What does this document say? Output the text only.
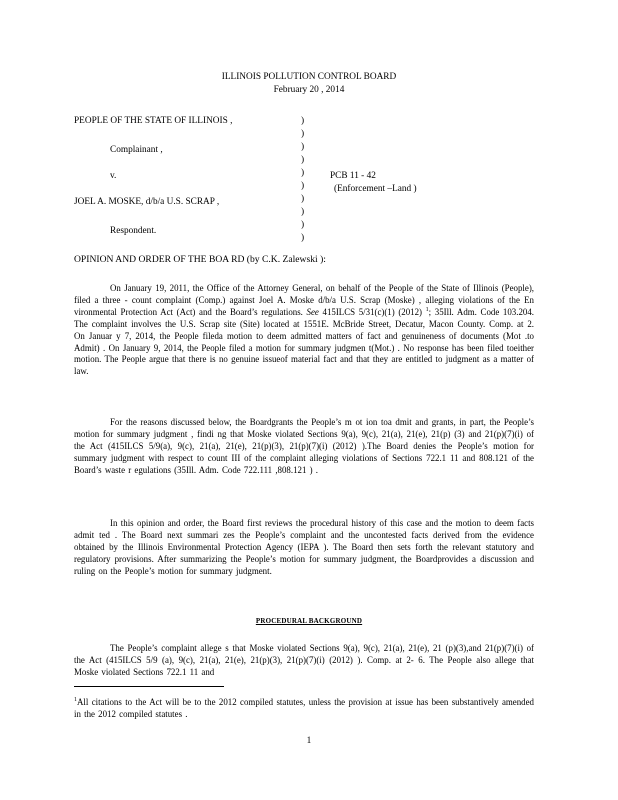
ILLINOIS POLLUTION CONTROL BOARD

February 20 , 2014

PEOPLE OF THE STATE OF ILLINOIS ,

Complainant ,

v.

JOEL A. MOSKE, d/b/a U.S. SCRAP ,

Respondent.

)
)
)
)
)
)
)
)
)
)

PCB 11 - 42

(Enforcement –Land )

OPINION AND ORDER OF THE BOA RD (by C.K. Zalewski ):

On January 19, 2011, the Office of the Attorney General, on behalf of the People of the State of Illinois (People), filed a three - count complaint (Comp.) against Joel A. Moske d/b/a U.S. Scrap (Moske) , alleging violations of the En vironmental Protection Act (Act) and the Board’s regulations. See 415ILCS 5/31(c)(1) (2012) $^1$; 35Ill. Adm. Code 103.204. The complaint involves the U.S. Scrap site (Site) located at 1551E. McBride Street, Decatur, Macon County. Comp. at 2. On Januar y 7, 2014, the People fileda motion to deem admitted matters of fact and genuineness of documents (Mot .to Admit) . On January 9, 2014, the People filed a motion for summary judgmen t(Mot.) . No response has been filed toeither motion. The People argue that there is no genuine issueof material fact and that they are entitled to judgment as a matter of law.

For the reasons discussed below, the Boardgrants the People’s m ot ion toa dmit and grants, in part, the People’s motion for summary judgment , findi ng that Moske violated Sections 9(a), 9(c), 21(a), 21(e), 21(p) (3) and 21(p)(7)(i) of the Act (415ILCS 5/9(a), 9(c), 21(a), 21(e), 21(p)(3), 21(p)(7)(i) (2012) ).The Board denies the People’s motion for summary judgment with respect to count III of the complaint alleging violations of Sections 722.1 11 and 808.121 of the Board’s waste r egulations (35Ill. Adm. Code 722.111 ,808.121 ) .

In this opinion and order, the Board first reviews the procedural history of this case and the motion to deem facts admit ted . The Board next summari zes the People’s complaint and the uncontested facts derived from the evidence obtained by the Illinois Environmental Protection Agency (IEPA ). The Board then sets forth the relevant statutory and regulatory provisions. After summarizing the People’s motion for summary judgment, the Boardprovides a discussion and ruling on the People’s motion for summary judgment.

PROCEDURAL BACKGROUND

The People’s complaint allege s that Moske violated Sections 9(a), 9(c), 21(a), 21(e), 21 (p)(3),and 21(p)(7)(i) of the Act (415ILCS 5/9 (a), 9(c), 21(a), 21(e), 21(p)(3), 21(p)(7)(i) (2012) ). Comp. at 2- 6. The People also allege that Moske violated Sections 722.1 11 and

$^1$All citations to the Act will be to the 2012 compiled statutes, unless the provision at issue has been substantively amended in the 2012 compiled statutes .

1
